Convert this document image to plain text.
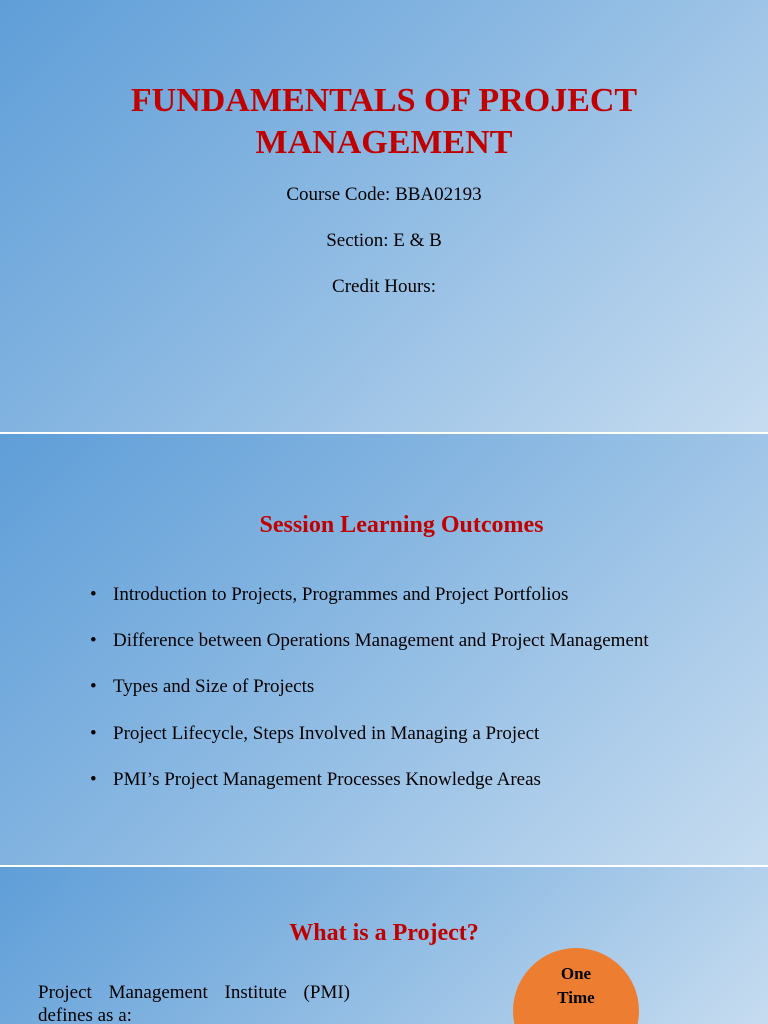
FUNDAMENTALS OF PROJECT
MANAGEMENT
Course Code: BBA02193
Section: E & B
Credit Hours:
Session Learning Outcomes
• Introduction to Projects, Programmes and Project Portfolios
• Difference between Operations Management and Project Management
• Types and Size of Projects
• Project Lifecycle, Steps Involved in Managing a Project
• PMI’s Project Management Processes Knowledge Areas
What is a Project?
Project Management Institute (PMI)
defines as a:
One
Time
